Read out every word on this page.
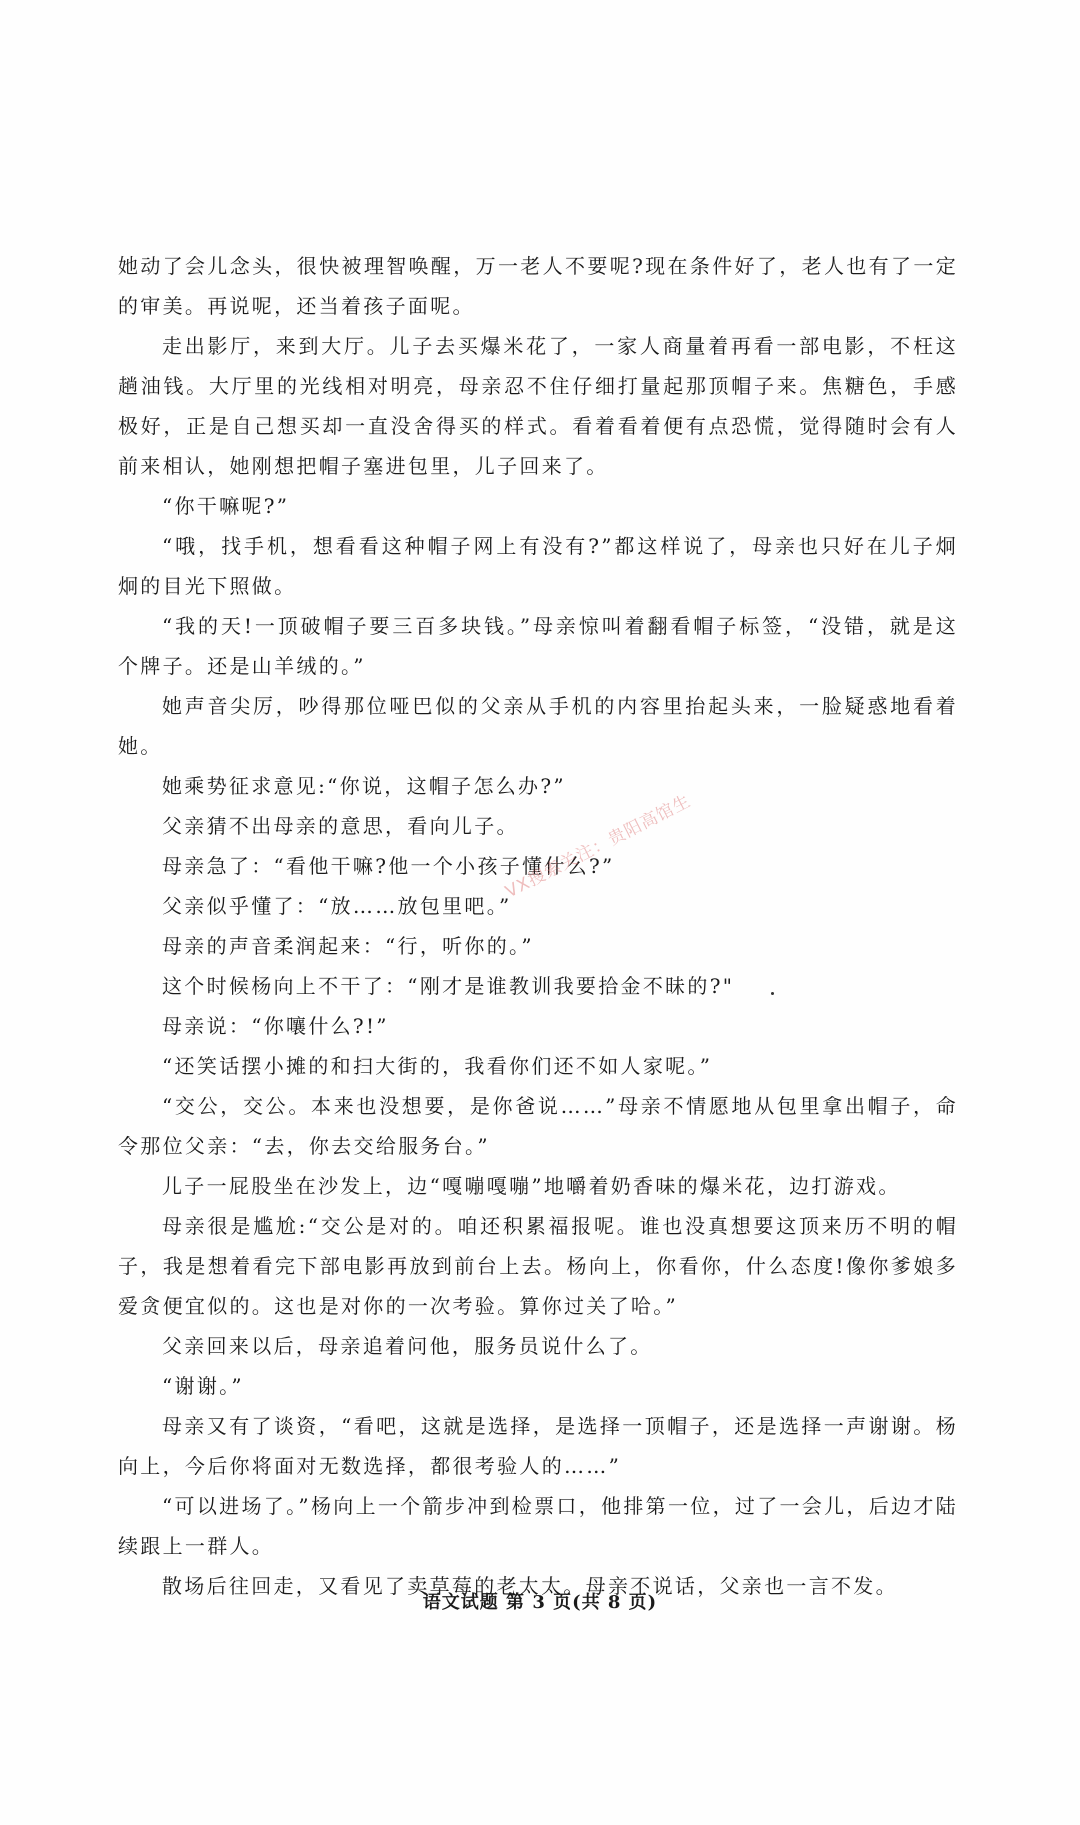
她动了会儿念头，很快被理智唤醒，万一老人不要呢?现在条件好了，老人也有了一定的审美。再说呢，还当着孩子面呢。

走出影厅，来到大厅。儿子去买爆米花了，一家人商量着再看一部电影，不枉这趟油钱。大厅里的光线相对明亮，母亲忍不住仔细打量起那顶帽子来。焦糖色，手感极好，正是自己想买却一直没舍得买的样式。看着看着便有点恐慌，觉得随时会有人前来相认，她刚想把帽子塞进包里，儿子回来了。

“你干嘛呢?”

“哦，找手机，想看看这种帽子网上有没有?”都这样说了，母亲也只好在儿子炯炯的目光下照做。

“我的天!一顶破帽子要三百多块钱。”母亲惊叫着翻看帽子标签，“没错，就是这个牌子。还是山羊绒的。”

她声音尖厉，吵得那位哑巴似的父亲从手机的内容里抬起头来，一脸疑惑地看着她。

她乘势征求意见:“你说，这帽子怎么办?”

父亲猜不出母亲的意思，看向儿子。

母亲急了：“看他干嘛?他一个小孩子懂什么?”

父亲似乎懂了：“放……放包里吧。”

母亲的声音柔润起来：“行，听你的。”

这个时候杨向上不干了：“刚才是谁教训我要拾金不昧的?"

母亲说：“你嚷什么?!”

“还笑话摆小摊的和扫大街的，我看你们还不如人家呢。”

“交公，交公。本来也没想要，是你爸说……”母亲不情愿地从包里拿出帽子，命令那位父亲：“去，你去交给服务台。”

儿子一屁股坐在沙发上，边“嘎嘣嘎嘣”地嚼着奶香味的爆米花，边打游戏。

母亲很是尴尬:“交公是对的。咱还积累福报呢。谁也没真想要这顶来历不明的帽子，我是想着看完下部电影再放到前台上去。杨向上，你看你，什么态度!像你爹娘多爱贪便宜似的。这也是对你的一次考验。算你过关了哈。”

父亲回来以后，母亲追着问他，服务员说什么了。

“谢谢。”

母亲又有了谈资，“看吧，这就是选择，是选择一顶帽子，还是选择一声谢谢。杨向上，今后你将面对无数选择，都很考验人的……”

“可以进场了。”杨向上一个箭步冲到检票口，他排第一位，过了一会儿，后边才陆续跟上一群人。

散场后往回走，又看见了卖草莓的老太太。母亲不说话，父亲也一言不发。

VX搜索关注：贵阳高馆生
语文试题 第 3 页(共 8 页)
